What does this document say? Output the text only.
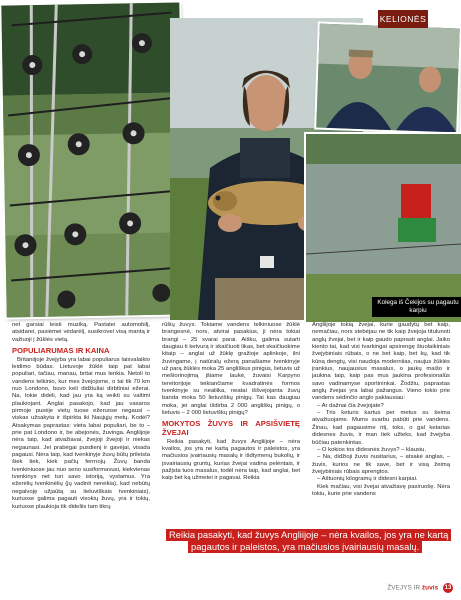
KELIONĖS
Kolega iš Čekijos su pagautu karpiu

net garsiai leisti muziką. Pastatei automobilį, atsidarei, pasiėmei vėdarėlį, susikrovei visą mantą ir važiuoji į žūklės vietą.

POPULIARUMAS IR KAINA

Britaniijoje žvejyba yra labai populiarus laisvalaikio leidimo būdas. Lietuvoje žūklė taip pat labai populiari, tačiau, manau, britai mus lenkia. Netoli to vandens telkinio, kur mes žvejojome, o tai tik 70 km nuo Londono, buvo keli didžiuliai dirbtiniai ežerai. Na, tokie dideli, kad jau yra ką veikti su valtimi plaukiojant. Anglai pasakojo, kad jau vasaros pirmoje pusėje vietų tuose ežeruose negausi – viskas užsakyta ir išpirkta iki Naujųjų metų. Kodėl? Atsakymas paprastas: vieta labai populiari, be to – prie pat Londono ir, be abejonės, žuvinga. Angliijoje nėra taip, kad atvažiavai, žvejoji žvejoji ir niekas negaunasi. Jei prabėgai pusdienį ir gavėjai, visada pagausi. Nėra taip, kad tvenkinyje žuvų būtų prileista šiek tiek, kiek pačių ferrnojų. Žuvų banda tvenkiniuose jau nuo seno susiformavusi, kiekvienas tvenkinys net turi savo istoriją, vystamus. Yra ežerėlių tvenkinėlių (jų vadinti nereikia), kad nebūtų negalvoję užjaūtą su lietuviškais tvenkiniais), kuriuose galima pagauti visokių žuvų, yra ir tokių, kuriuose plaukioja tik dideliis tam tikrų

rūšių žuvys. Tokiame vandens telkiniuose žūklė brangesnė, nors, atvirai pasakius, ji nėra tokiai brangi – 25 svarai parai. Aišku, galima sutarti daugiau ti ketvurą ir skaičiuoti likas, bet skaičiuokime kitaip – anglai už žūklę gražioje aplinkoje, ilni žuvingame, į natūralų ežerą panašiame tvenkinyje už parą žūklės moka 25 angliškus pinigus, lietuvis už mešiorinojimą įšiame laukė, žuvaisi Karpyno tereitorijoje teikiančiame kvadratinės formos tvenkinyje su nealiika, neatai iššvejojanta žuvų banda moka 50 lietuviškų pinigų. Tai kas daugiau moka, jei anglai išdirba 2 000 angliškų pinigų, o lietuvis – 2 000 lietuviškų pinigų?

MOKYTOS ŽUVYS IR APSIŠVIETĘ ŽVEJAI

Reikia pasakyti, kad žuvys Angliijoje – nėra kvailos, jos yra ne kartą pagautos ir paleistos, yra mačiusios įvairiausių masalų ir išdtymenų bukolių, ir įsvairiausių gruntų, kurias žvejai vadina pelėntais, ir pažįsta tuos masalus, todėl nėra taip, kad anglai, bet kaip bet ką užmetei ir pagavai. Reikia

Angliijoje tokią žvejai, kurie gaudytų bet kaip, nemačiau, nors stebėjau ne tik kaip žvejoja titulunoti anglų žvejai, bet ir kaip gaudo paprasti anglai. Jaiko kiento tai, kad visi tvarkingai apsirengę šiuolaikiniais žvejybiniais rūbais, o ne bet kaip, bet kų, kad tik kūną dengtų, visi naudoja moderniias, naujus žūklės įrankius, naujausius masalus, o jaukų maišo ir jaukina taip, kaip pas mus jaukina profesionalūs savo vadinamyse sportininkai. Žodžiu, paprastas anglų žvejas yra labai pažangus. Vieno tokio prie vandens sėdinčio anglo paklausiau:

– Ar dažnai čia žvejojate?

– Tris keturis kartus per metus su šeima atvažiuojame. Mums svarbu pabūti prie vandens. Žinau, kad pagausime ritį, toks, o gal ketarias didesnes žuvis, ir man tiek užteks, kad žvejyba būčiau patenkintas.

– O kokios tos didesnės žuvys? – klausiu.

– Na, didžioji žuvis nusitarius, – atsakė anglas, – žuvis, kurios ne tik save, bet ir visą žeimą žvejybiniais rūbais aprengtos.

– Aštuonių kilogramų ir didesni karpiai.

Kiek mačiau, visi žvejai atvažiavę pasiruošę. Nėra tokiu, kurie prie vandens

Reikia pasakyti, kad žuvys Angliijoje – nėra kvailos, jos yra ne kartą
pagautos ir paleistos, yra mačiusios įvairiausių masalų.
ŽVEJYS IR žuvis 13
